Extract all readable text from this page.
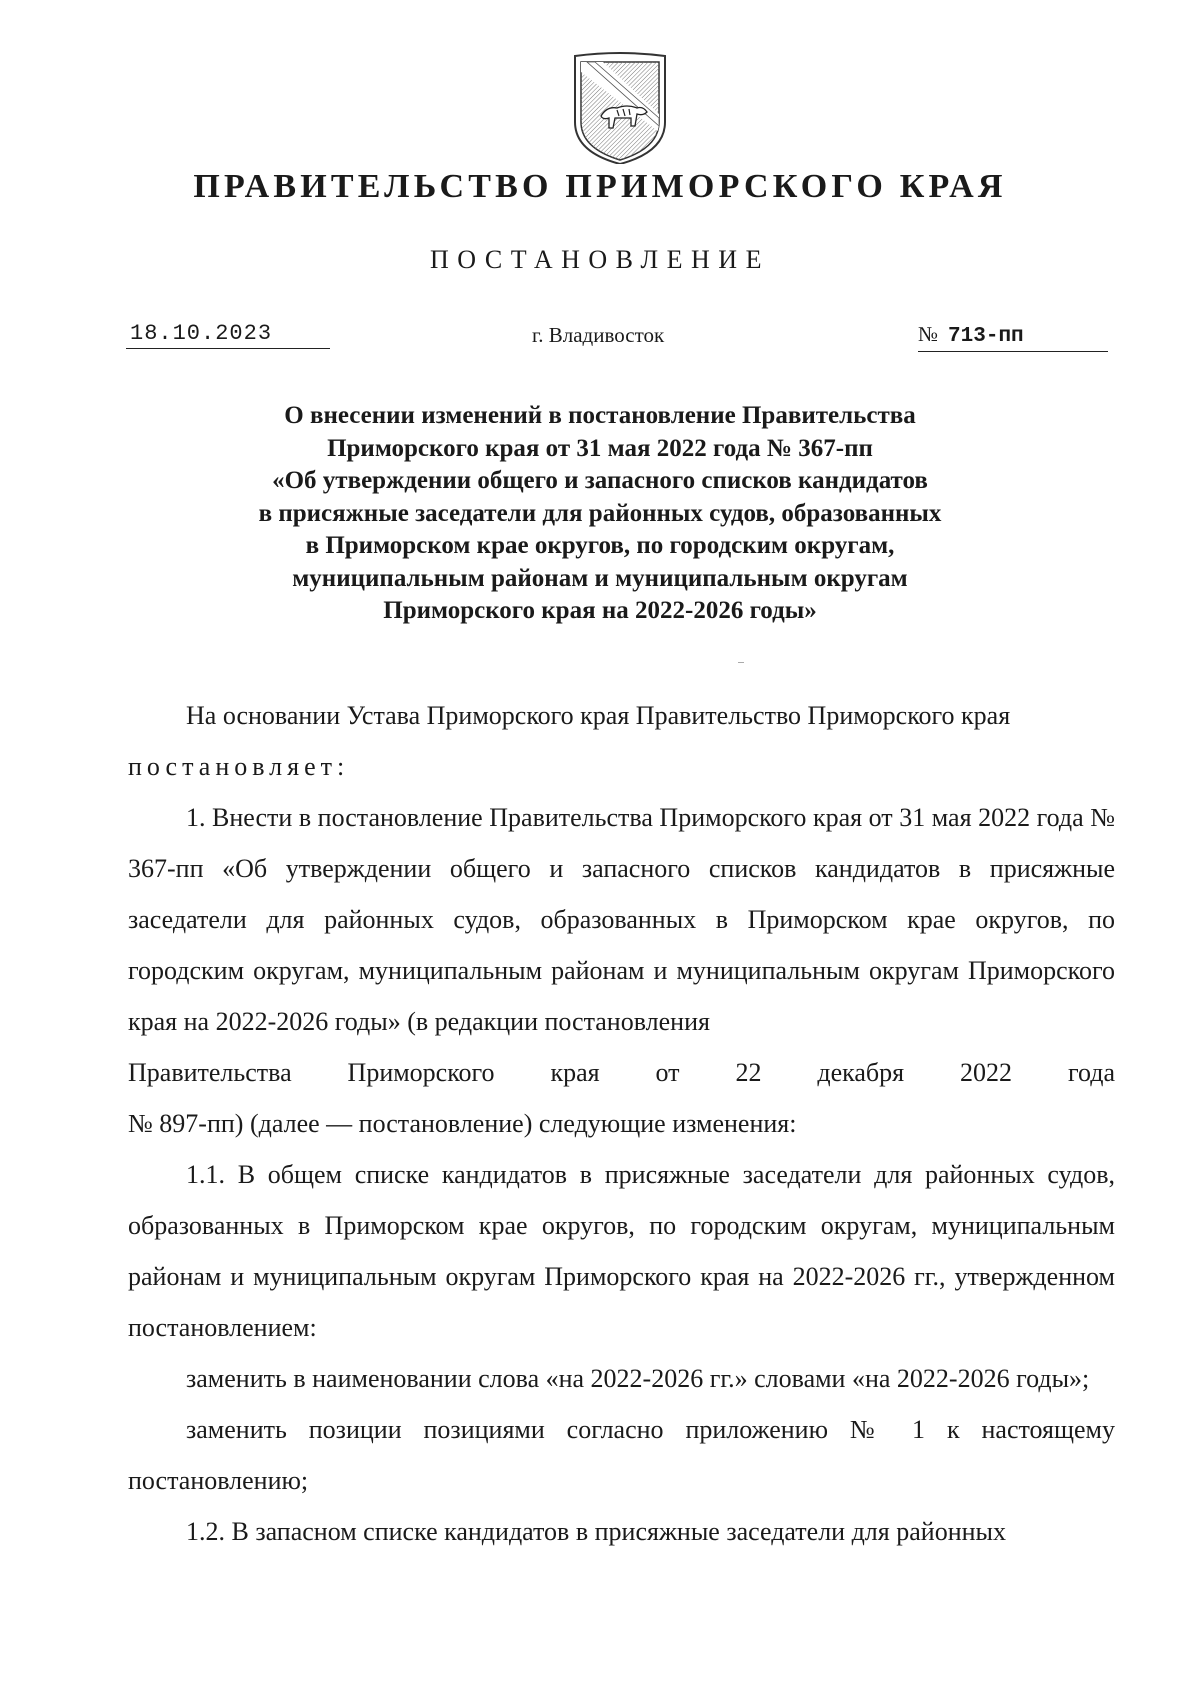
ПРАВИТЕЛЬСТВО ПРИМОРСКОГО КРАЯ
ПОСТАНОВЛЕНИЕ
18.10.2023	г. Владивосток	№ 713-пп
О внесении изменений в постановление Правительства
Приморского края от 31 мая 2022 года № 367-пп
«Об утверждении общего и запасного списков кандидатов
в присяжные заседатели для районных судов, образованных
в Приморском крае округов, по городским округам,
муниципальным районам и муниципальным округам
Приморского края на 2022-2026 годы»

На основании Устава Приморского края Правительство Приморского края

постановляет:

1. Внести в постановление Правительства Приморского края от 31 мая 2022 года № 367-пп «Об утверждении общего и запасного списков кандидатов в присяжные заседатели для районных судов, образованных в Приморском крае округов, по городским округам, муниципальным районам и муниципальным округам Приморского края на 2022-2026 годы» (в редакции постановления
Правительства Приморского края от 22 декабря 2022 года
№ 897-пп) (далее — постановление) следующие изменения:

1.1. В общем списке кандидатов в присяжные заседатели для районных судов, образованных в Приморском крае округов, по городским округам, муниципальным районам и муниципальным округам Приморского края на 2022-2026 гг., утвержденном постановлением:

заменить в наименовании слова «на 2022-2026 гг.» словами «на 2022-2026 годы»;

заменить позиции позициями согласно приложению № 1 к настоящему постановлению;

1.2. В запасном списке кандидатов в присяжные заседатели для районных
